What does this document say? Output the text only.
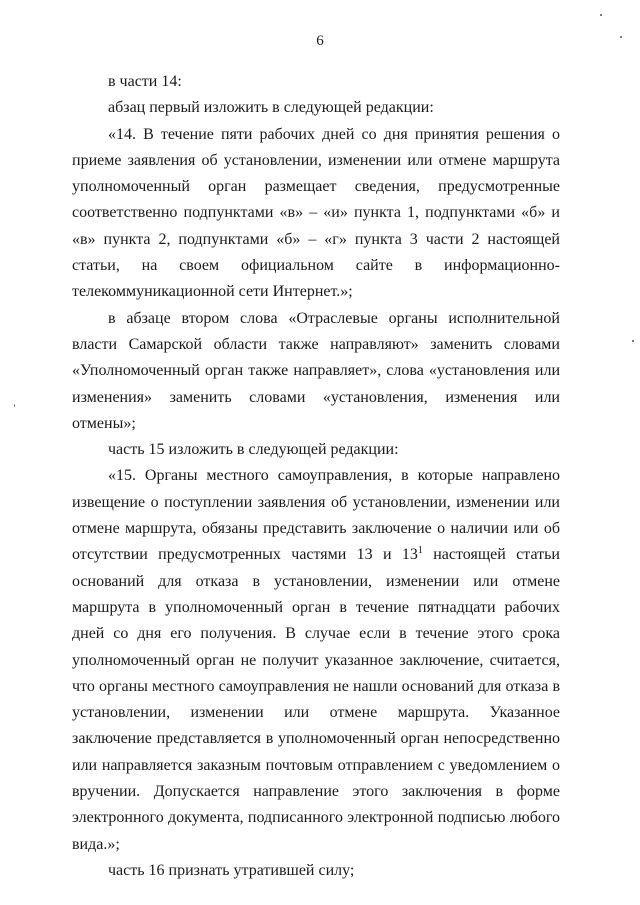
6

в части 14:

абзац первый изложить в следующей редакции:

«14. В течение пяти рабочих дней со дня принятия решения о приеме заявления об установлении, изменении или отмене маршрута уполномоченный орган размещает сведения, предусмотренные соответственно подпунктами «в» – «и» пункта 1, подпунктами «б» и «в» пункта 2, подпунктами «б» – «г» пункта 3 части 2 настоящей статьи, на своем официальном сайте в информационно-телекоммуникационной сети Интернет.»;

в абзаце втором слова «Отраслевые органы исполнительной власти Самарской области также направляют» заменить словами «Уполномоченный орган также направляет», слова «установления или изменения» заменить словами «установления, изменения или отмены»;

часть 15 изложить в следующей редакции:

«15. Органы местного самоуправления, в которые направлено извещение о поступлении заявления об установлении, изменении или отмене маршрута, обязаны представить заключение о наличии или об отсутствии предусмотренных частями 13 и $13^1$ настоящей статьи оснований для отказа в установлении, изменении или отмене маршрута в уполномоченный орган в течение пятнадцати рабочих дней со дня его получения. В случае если в течение этого срока уполномоченный орган не получит указанное заключение, считается, что органы местного самоуправления не нашли оснований для отказа в установлении, изменении или отмене маршрута. Указанное заключение представляется в уполномоченный орган непосредственно или направляется заказным почтовым отправлением с уведомлением о вручении. Допускается направление этого заключения в форме электронного документа, подписанного электронной подписью любого вида.»;

часть 16 признать утратившей силу;
